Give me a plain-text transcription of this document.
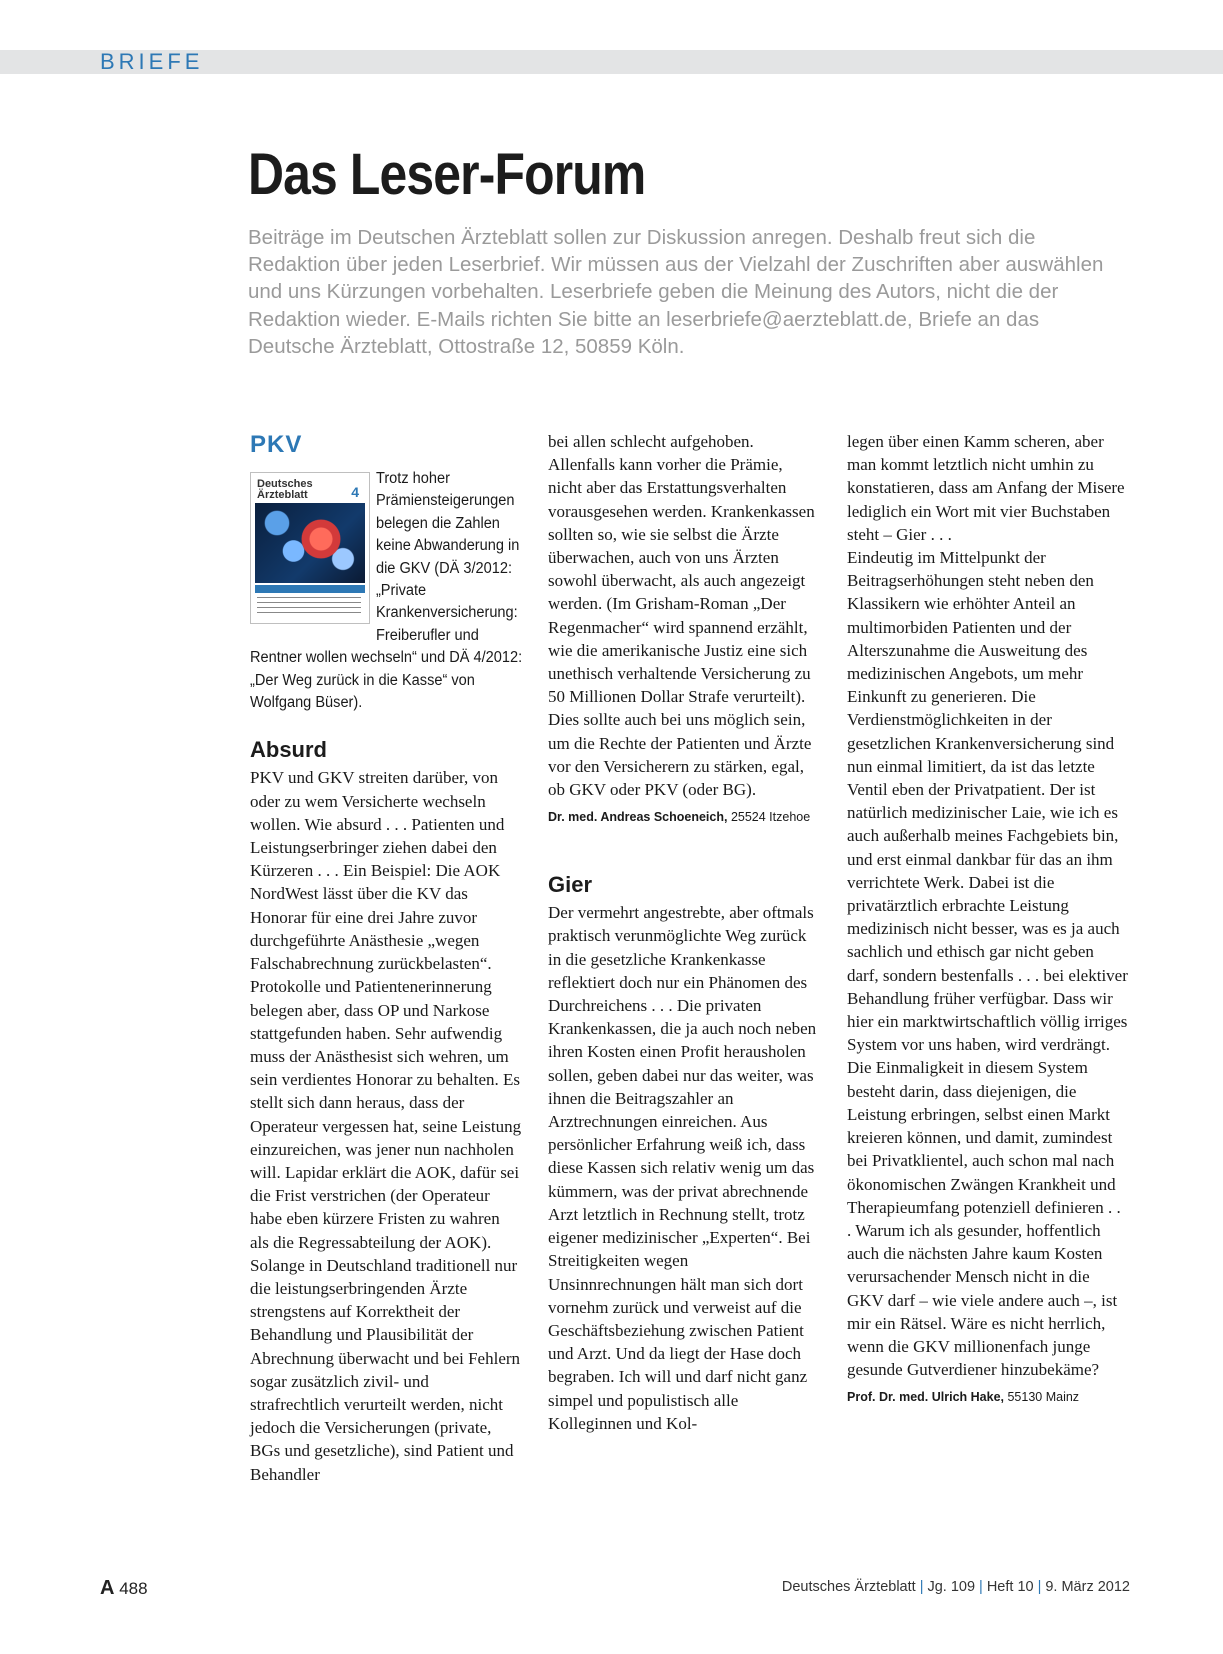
BRIEFE
Das Leser-Forum

Beiträge im Deutschen Ärzteblatt sollen zur Diskussion anregen. Deshalb freut sich die Redaktion über jeden Leserbrief. Wir müssen aus der Vielzahl der Zuschriften aber auswählen und uns Kürzungen vorbehalten. Leserbriefe geben die Meinung des Autors, nicht die der Redaktion wieder. E-Mails richten Sie bitte an leserbriefe@aerzteblatt.de, Briefe an das Deutsche Ärzteblatt, Ottostraße 12, 50859 Köln.

PKV
Deutsches
Ärzteblatt	4

Trotz hoher Prämiensteigerungen belegen die Zahlen keine Abwanderung in die GKV (DÄ 3/2012: „Private Krankenversicherung: Freiberufler und Rentner wollen wechseln“ und DÄ 4/2012: „Der Weg zurück in die Kasse“ von Wolfgang Büser).

Absurd

PKV und GKV streiten darüber, von oder zu wem Versicherte wechseln wollen. Wie absurd . . . Patienten und Leistungserbringer ziehen dabei den Kürzeren . . . Ein Beispiel: Die AOK NordWest lässt über die KV das Honorar für eine drei Jahre zuvor durchgeführte Anästhesie „wegen Falschabrechnung zurückbelasten“. Protokolle und Patientenerinnerung belegen aber, dass OP und Narkose stattgefunden haben. Sehr aufwendig muss der Anästhesist sich wehren, um sein verdientes Honorar zu behalten. Es stellt sich dann heraus, dass der Operateur vergessen hat, seine Leistung einzureichen, was jener nun nachholen will. Lapidar erklärt die AOK, dafür sei die Frist verstrichen (der Operateur habe eben kürzere Fristen zu wahren als die Regressabteilung der AOK). Solange in Deutschland traditionell nur die leistungserbringenden Ärzte strengstens auf Korrektheit der Behandlung und Plausibilität der Abrechnung überwacht und bei Fehlern sogar zusätzlich zivil- und strafrechtlich verurteilt werden, nicht jedoch die Versicherungen (private, BGs und gesetzliche), sind Patient und Behandler

bei allen schlecht aufgehoben. Allenfalls kann vorher die Prämie, nicht aber das Erstattungsverhalten vorausgesehen werden. Krankenkassen sollten so, wie sie selbst die Ärzte überwachen, auch von uns Ärzten sowohl überwacht, als auch angezeigt werden. (Im Grisham-Roman „Der Regenmacher“ wird spannend erzählt, wie die amerikanische Justiz eine sich unethisch verhaltende Versicherung zu 50 Millionen Dollar Strafe verurteilt). Dies sollte auch bei uns möglich sein, um die Rechte der Patienten und Ärzte vor den Versicherern zu stärken, egal, ob GKV oder PKV (oder BG).

Dr. med. Andreas Schoeneich, 25524 Itzehoe
Gier

Der vermehrt angestrebte, aber oftmals praktisch verunmöglichte Weg zurück in die gesetzliche Krankenkasse reflektiert doch nur ein Phänomen des Durchreichens . . . Die privaten Krankenkassen, die ja auch noch neben ihren Kosten einen Profit herausholen sollen, geben dabei nur das weiter, was ihnen die Beitragszahler an Arztrechnungen einreichen. Aus persönlicher Erfahrung weiß ich, dass diese Kassen sich relativ wenig um das kümmern, was der privat abrechnende Arzt letztlich in Rechnung stellt, trotz eigener medizinischer „Experten“. Bei Streitigkeiten wegen Unsinnrechnungen hält man sich dort vornehm zurück und verweist auf die Geschäftsbeziehung zwischen Patient und Arzt. Und da liegt der Hase doch begraben. Ich will und darf nicht ganz simpel und populistisch alle Kolleginnen und Kol-

legen über einen Kamm scheren, aber man kommt letztlich nicht umhin zu konstatieren, dass am Anfang der Misere lediglich ein Wort mit vier Buchstaben steht – Gier . . .

Eindeutig im Mittelpunkt der Beitragserhöhungen steht neben den Klassikern wie erhöhter Anteil an multimorbiden Patienten und der Alterszunahme die Ausweitung des medizinischen Angebots, um mehr Einkunft zu generieren. Die Verdienstmöglichkeiten in der gesetzlichen Krankenversicherung sind nun einmal limitiert, da ist das letzte Ventil eben der Privatpatient. Der ist natürlich medizinischer Laie, wie ich es auch außerhalb meines Fachgebiets bin, und erst einmal dankbar für das an ihm verrichtete Werk. Dabei ist die privatärztlich erbrachte Leistung medizinisch nicht besser, was es ja auch sachlich und ethisch gar nicht geben darf, sondern bestenfalls . . . bei elektiver Behandlung früher verfügbar. Dass wir hier ein marktwirtschaftlich völlig irriges System vor uns haben, wird verdrängt. Die Einmaligkeit in diesem System besteht darin, dass diejenigen, die Leistung erbringen, selbst einen Markt kreieren können, und damit, zumindest bei Privatklientel, auch schon mal nach ökonomischen Zwängen Krankheit und Therapieumfang potenziell definieren . . . Warum ich als gesunder, hoffentlich auch die nächsten Jahre kaum Kosten verursachender Mensch nicht in die GKV darf – wie viele andere auch –, ist mir ein Rätsel. Wäre es nicht herrlich, wenn die GKV millionenfach junge gesunde Gutverdiener hinzubekäme?

Prof. Dr. med. Ulrich Hake, 55130 Mainz
A 488	Deutsches Ärzteblatt | Jg. 109 | Heft 10 | 9. März 2012
